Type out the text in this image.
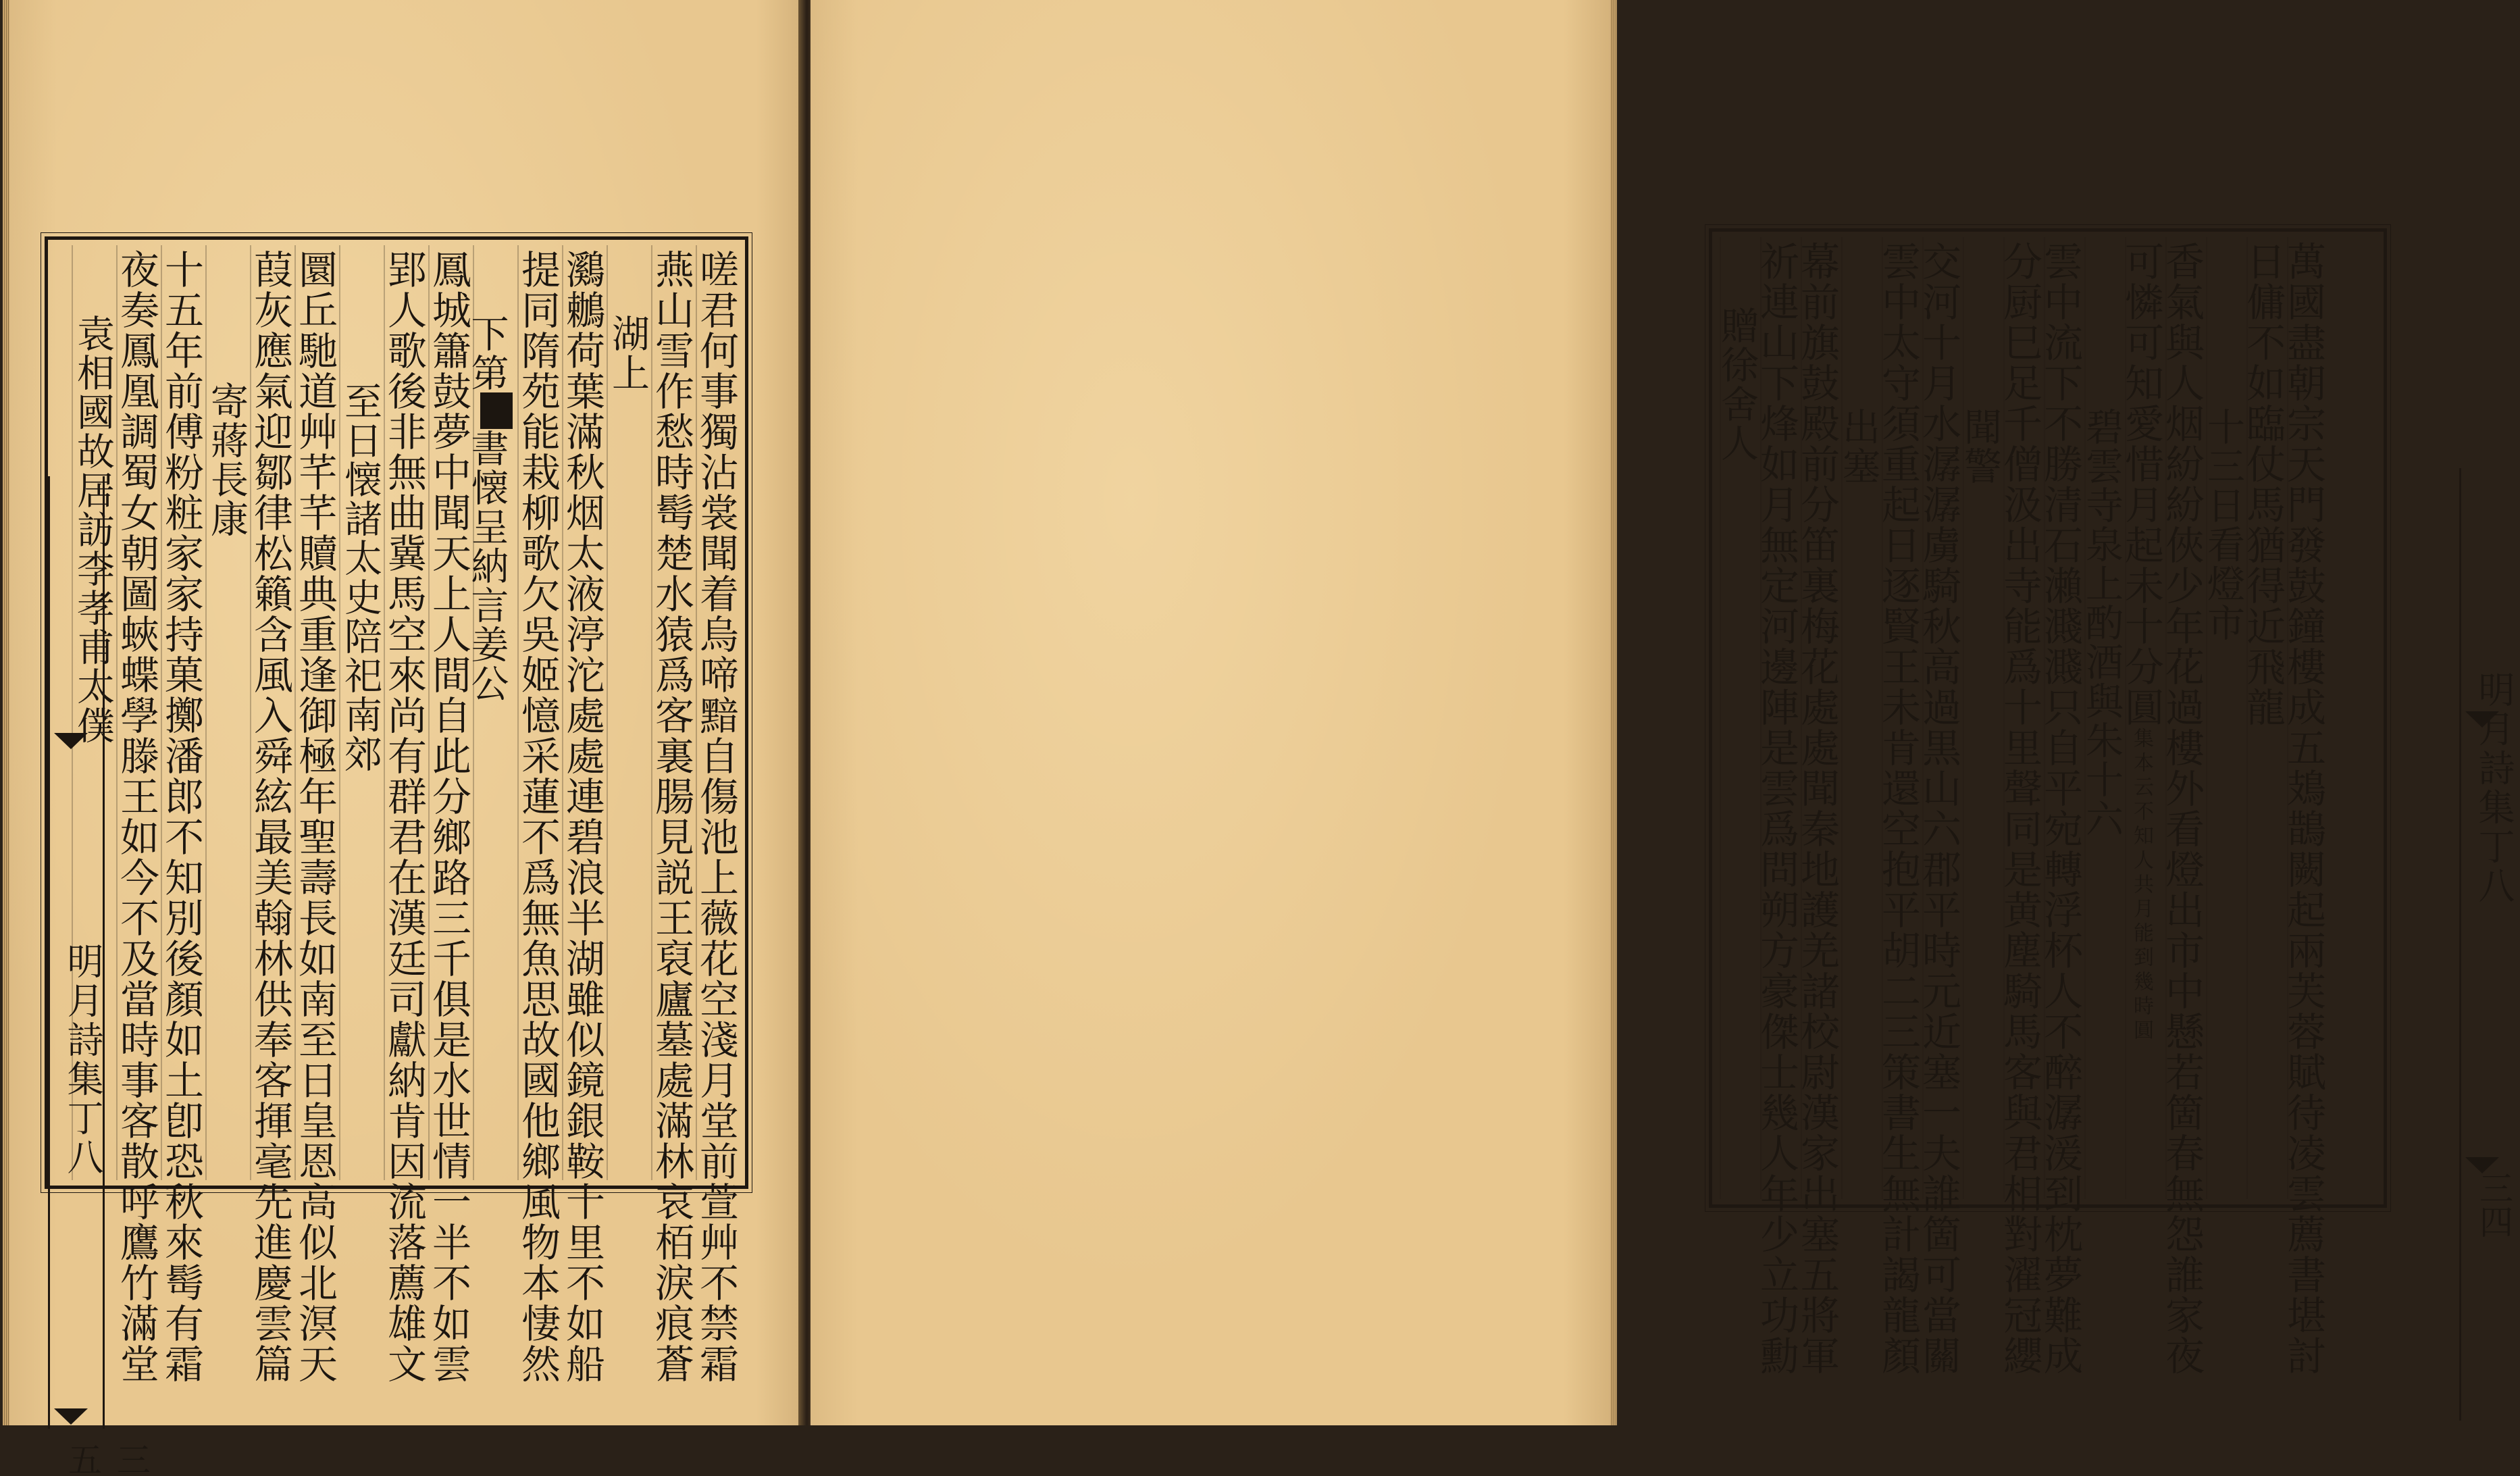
明月詩集丁八
三五
嗟君何事獨沾裳聞着烏啼黯自傷池上薇花空淺月堂前萱艸不禁霜
燕山雪作愁時髩楚水猿爲客裏腸見説王裒廬墓處滿林哀栢淚痕蒼
湖上
鸂鶒荷葉滿秋烟太液渟沱處處連碧浪半湖雖似鏡銀鞍十里不如船
提同隋苑能栽柳歌欠吳姬憶采蓮不爲無魚思故國他鄉風物本悽然
下第書懐呈納言姜公
鳳城簫鼓夢中聞天上人間自此分鄉路三千俱是水世情一半不如雲
郢人歌後非無曲冀馬空來尚有群君在漢廷司獻納肯因流落薦雄文
至日懐諸太史陪祀南郊
圜丘馳道艸芊芊贖典重逢御極年聖壽長如南至日皇恩高似北溟天
葭灰應氣迎鄒律松籟含風入舜絃最美翰林供奉客揮毫先進慶雲篇
寄蔣長康
十五年前傅粉粧家家持菓擲潘郎不知別後顏如土卽恐秋來髩有霜
夜奏鳳凰調蜀女朝圖蛺蝶學滕王如今不及當時事客散呼鷹竹滿堂
袁相國故居訪李孝甫太僕
明月詩集丁八
三四
萬國盡朝宗天門發鼓鐘樓成五鳷鵲闕起兩芙蓉賦待凌雲薦書堪討
日傭不如臨仗馬猶得近飛龍
十三日看燈市
香氣與人烟紛紛俠少年花過樓外看燈出市中懸若箇春無怨誰家夜
可憐可知愛惜月起未十分圓集本云不知人共月能到幾時圓
碧雲寺泉上酌酒與朱十六
雲中流下不勝清石瀨濺濺只自平宛轉浮杯人不醉潺湲到枕夢難成
分厨巳足千僧汲出寺能爲十里聲同是黄塵騎馬客與君相對濯冠纓
聞警
交河十月水潺潺虜騎秋高過黒山六郡平時元近塞一夫誰箇可當關
雲中太守須重起日逐賢王未肯還空抱平胡二三策書生無計謁龍顏
出塞
幕前旗鼓殿前分笛裏梅花處處聞秦地護羌諸校尉漢家出塞五將軍
祈連山下烽如月無定河邊陣是雲爲問朔方豪傑士幾人年少立功勳
贈徐舍人
